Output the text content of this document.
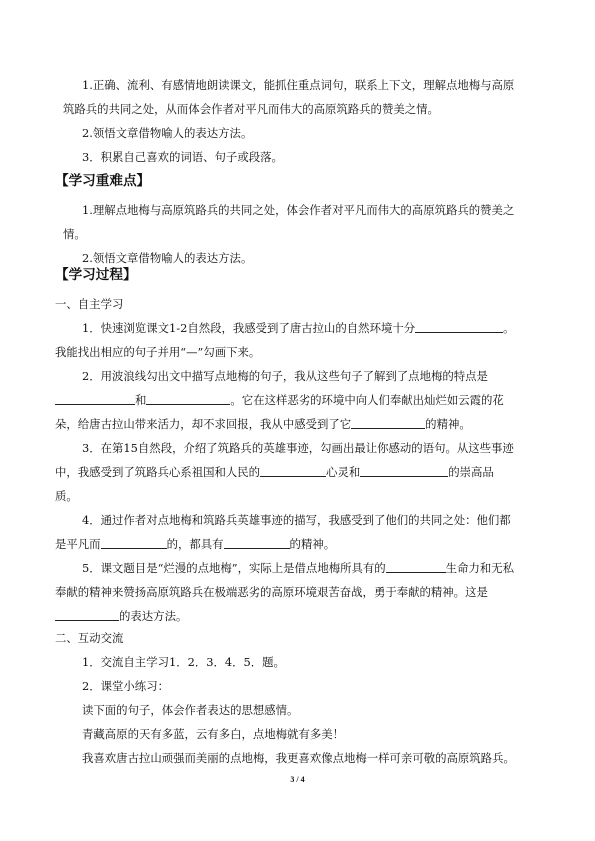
1.正确、流利、有感情地朗读课文，能抓住重点词句，联系上下文，理解点地梅与高原
筑路兵的共同之处，从而体会作者对平凡而伟大的高原筑路兵的赞美之情。
2.领悟文章借物喻人的表达方法。
3．积累自己喜欢的词语、句子或段落。
【学习重难点】
1.理解点地梅与高原筑路兵的共同之处，体会作者对平凡而伟大的高原筑路兵的赞美之
情。
2.领悟文章借物喻人的表达方法。
【学习过程】
一、自主学习
1．快速浏览课文1-2自然段，我感受到了唐古拉山的自然环境十分	。
我能找出相应的句子并用“—”勾画下来。
2．用波浪线勾出文中描写点地梅的句子，我从这些句子了解到了点地梅的特点是
和	。它在这样恶劣的环境中向人们奉献出灿烂如云霞的花
朵，给唐古拉山带来活力，却不求回报，我从中感受到了它	的精神。
3．在第15自然段，介绍了筑路兵的英雄事迹，勾画出最让你感动的语句。从这些事迹
中，我感受到了筑路兵心系祖国和人民的	心灵和	的崇高品
质。
4．通过作者对点地梅和筑路兵英雄事迹的描写，我感受到了他们的共同之处：他们都
是平凡而	的，都具有	的精神。
5．课文题目是“烂漫的点地梅”，实际上是借点地梅所具有的	生命力和无私
奉献的精神来赞扬高原筑路兵在极端恶劣的高原环境艰苦奋战，勇于奉献的精神。这是
的表达方法。
二、互动交流
1．交流自主学习1．2．3．4．5．题。
2．课堂小练习：
读下面的句子，体会作者表达的思想感情。
青藏高原的天有多蓝，云有多白，点地梅就有多美！
我喜欢唐古拉山顽强而美丽的点地梅，我更喜欢像点地梅一样可亲可敬的高原筑路兵。
3 / 4
